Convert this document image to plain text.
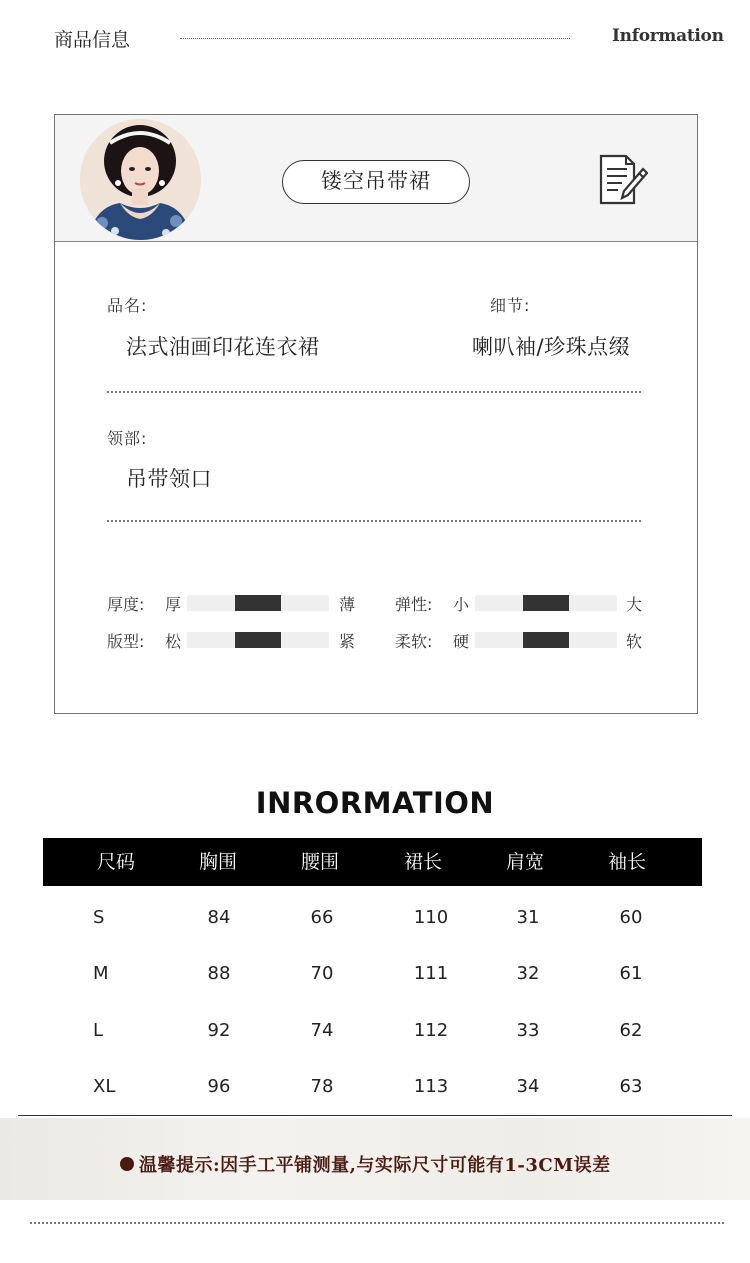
商品信息	Information
镂空吊带裙
品名:
法式油画印花连衣裙
细节:
喇叭袖/珍珠点缀
领部:
吊带领口
厚度: 厚	薄 弹性: 小	大
版型: 松	紧 柔软: 硬	软
INRORMATION
尺码	胸围	腰围	裙长	肩宽	袖长
S	84	66	110	31	60
M	88	70	111	32	61
L	92	74	112	33	62
XL	96	78	113	34	63
温馨提示:因手工平铺测量,与实际尺寸可能有1-3CM误差
